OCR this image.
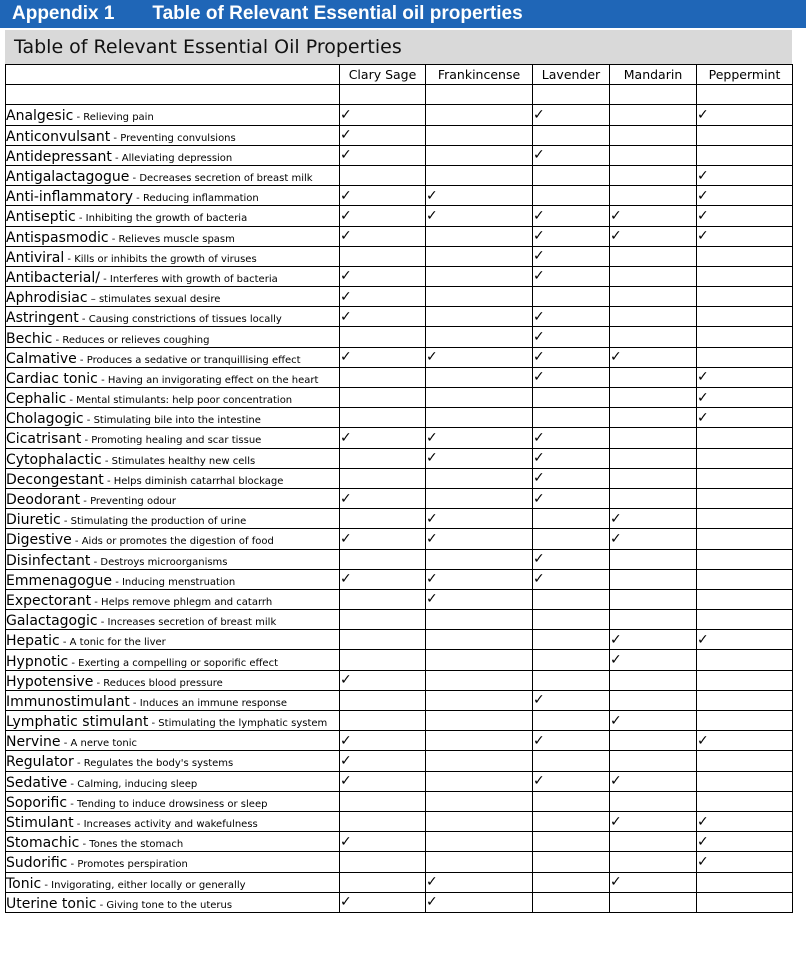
Appendix 1 Table of Relevant Essential oil properties
Table of Relevant Essential Oil Properties
	Clary Sage	Frankincense	Lavender	Mandarin	Peppermint

Analgesic - Relieving pain	✓		✓		✓
Anticonvulsant - Preventing convulsions	✓				
Antidepressant - Alleviating depression	✓		✓		
Antigalactagogue - Decreases secretion of breast milk					✓
Anti-inflammatory - Reducing inflammation	✓	✓			✓
Antiseptic - Inhibiting the growth of bacteria	✓	✓	✓	✓	✓
Antispasmodic - Relieves muscle spasm	✓		✓	✓	✓
Antiviral - Kills or inhibits the growth of viruses			✓		
Antibacterial/ - Interferes with growth of bacteria	✓		✓		
Aphrodisiac – stimulates sexual desire	✓				
Astringent - Causing constrictions of tissues locally	✓		✓		
Bechic - Reduces or relieves coughing			✓		
Calmative - Produces a sedative or tranquillising effect	✓	✓	✓	✓	
Cardiac tonic - Having an invigorating effect on the heart			✓		✓
Cephalic - Mental stimulants: help poor concentration					✓
Cholagogic - Stimulating bile into the intestine					✓
Cicatrisant - Promoting healing and scar tissue	✓	✓	✓		
Cytophalactic - Stimulates healthy new cells		✓	✓		
Decongestant - Helps diminish catarrhal blockage			✓		
Deodorant - Preventing odour	✓		✓		
Diuretic - Stimulating the production of urine		✓		✓	
Digestive - Aids or promotes the digestion of food	✓	✓		✓	
Disinfectant - Destroys microorganisms			✓		
Emmenagogue - Inducing menstruation	✓	✓	✓		
Expectorant - Helps remove phlegm and catarrh		✓			
Galactagogic - Increases secretion of breast milk					
Hepatic - A tonic for the liver				✓	✓
Hypnotic - Exerting a compelling or soporific effect				✓	
Hypotensive - Reduces blood pressure	✓				
Immunostimulant - Induces an immune response			✓		
Lymphatic stimulant - Stimulating the lymphatic system				✓	
Nervine - A nerve tonic	✓		✓		✓
Regulator - Regulates the body's systems	✓				
Sedative - Calming, inducing sleep	✓		✓	✓	
Soporific - Tending to induce drowsiness or sleep					
Stimulant - Increases activity and wakefulness				✓	✓
Stomachic - Tones the stomach	✓				✓
Sudorific - Promotes perspiration					✓
Tonic - Invigorating, either locally or generally		✓		✓	
Uterine tonic - Giving tone to the uterus	✓	✓			
